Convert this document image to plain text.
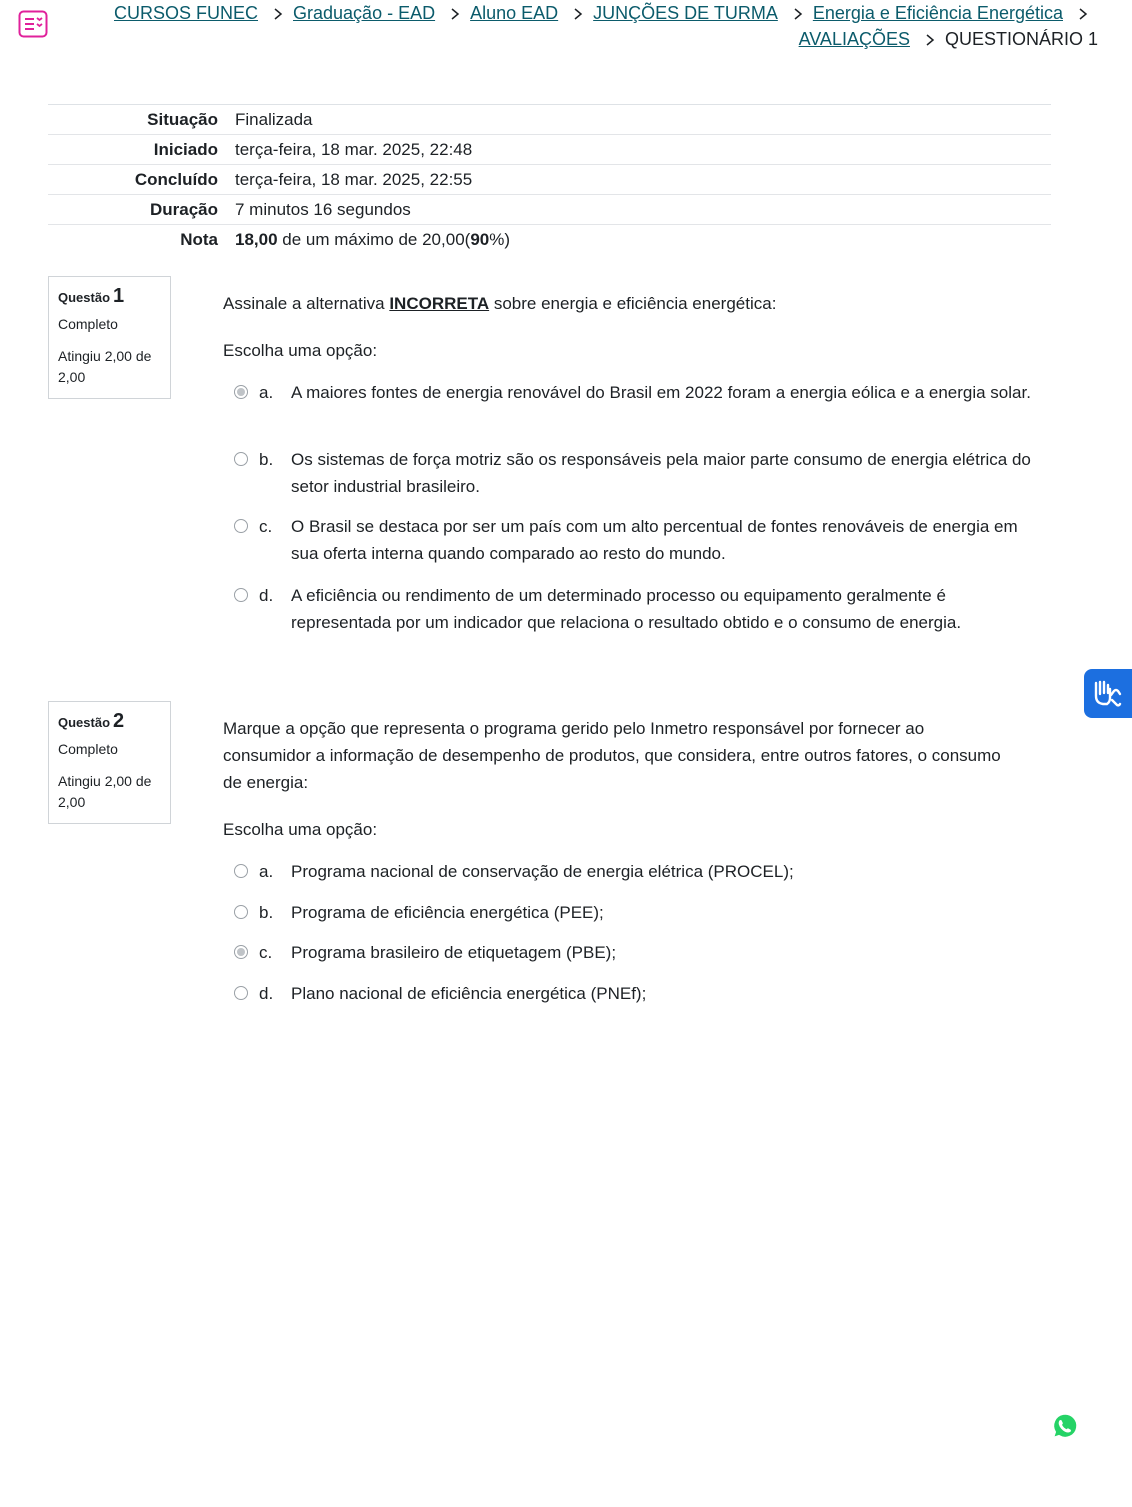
CURSOS FUNEC Graduação - EAD Aluno EAD JUNÇÕES DE TURMA Energia e Eficiência EnergéticaAVALIAÇÕES QUESTIONÁRIO 1
Situação	Finalizada
Iniciado	terça-feira, 18 mar. 2025, 22:48
Concluído	terça-feira, 18 mar. 2025, 22:55
Duração	7 minutos 16 segundos
Nota	18,00 de um máximo de 20,00(90%)
Questão 1
Completo
Atingiu 2,00 de 2,00
Assinale a alternativa INCORRETA sobre energia e eficiência energética:
Escolha uma opção:
a. A maiores fontes de energia renovável do Brasil em 2022 foram a energia eólica e a energia solar.
b. Os sistemas de força motriz são os responsáveis pela maior parte consumo de energia elétrica do setor industrial brasileiro.
c. O Brasil se destaca por ser um país com um alto percentual de fontes renováveis de energia em sua oferta interna quando comparado ao resto do mundo.
d. A eficiência ou rendimento de um determinado processo ou equipamento geralmente é representada por um indicador que relaciona o resultado obtido e o consumo de energia.
Questão 2
Completo
Atingiu 2,00 de 2,00
Marque a opção que representa o programa gerido pelo Inmetro responsável por fornecer ao consumidor a informação de desempenho de produtos, que considera, entre outros fatores, o consumo de energia:
Escolha uma opção:
a. Programa nacional de conservação de energia elétrica (PROCEL);
b. Programa de eficiência energética (PEE);
c. Programa brasileiro de etiquetagem (PBE);
d. Plano nacional de eficiência energética (PNEf);
